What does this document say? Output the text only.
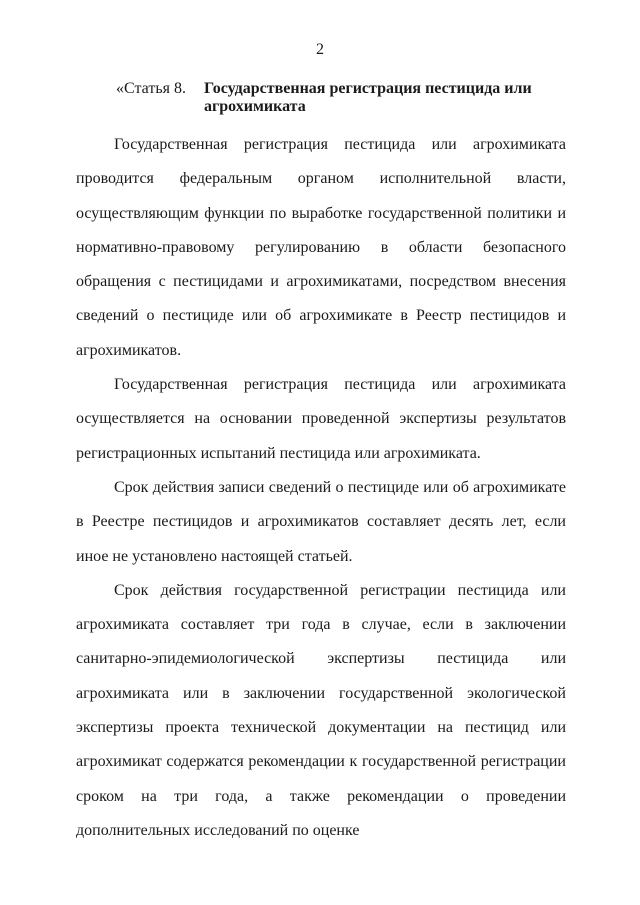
2
«Статья 8. Государственная регистрация пестицида или агрохимиката

Государственная регистрация пестицида или агрохимиката проводится федеральным органом исполнительной власти, осуществляющим функции по выработке государственной политики и нормативно-правовому регулированию в области безопасного обращения с пестицидами и агрохимикатами, посредством внесения сведений о пестициде или об агрохимикате в Реестр пестицидов и агрохимикатов.

Государственная регистрация пестицида или агрохимиката осуществляется на основании проведенной экспертизы результатов регистрационных испытаний пестицида или агрохимиката.

Срок действия записи сведений о пестициде или об агрохимикате в Реестре пестицидов и агрохимикатов составляет десять лет, если иное не установлено настоящей статьей.

Срок действия государственной регистрации пестицида или агрохимиката составляет три года в случае, если в заключении санитарно-эпидемиологической экспертизы пестицида или агрохимиката или в заключении государственной экологической экспертизы проекта технической документации на пестицид или агрохимикат содержатся рекомендации к государственной регистрации сроком на три года, а также рекомендации о проведении дополнительных исследований по оценке
